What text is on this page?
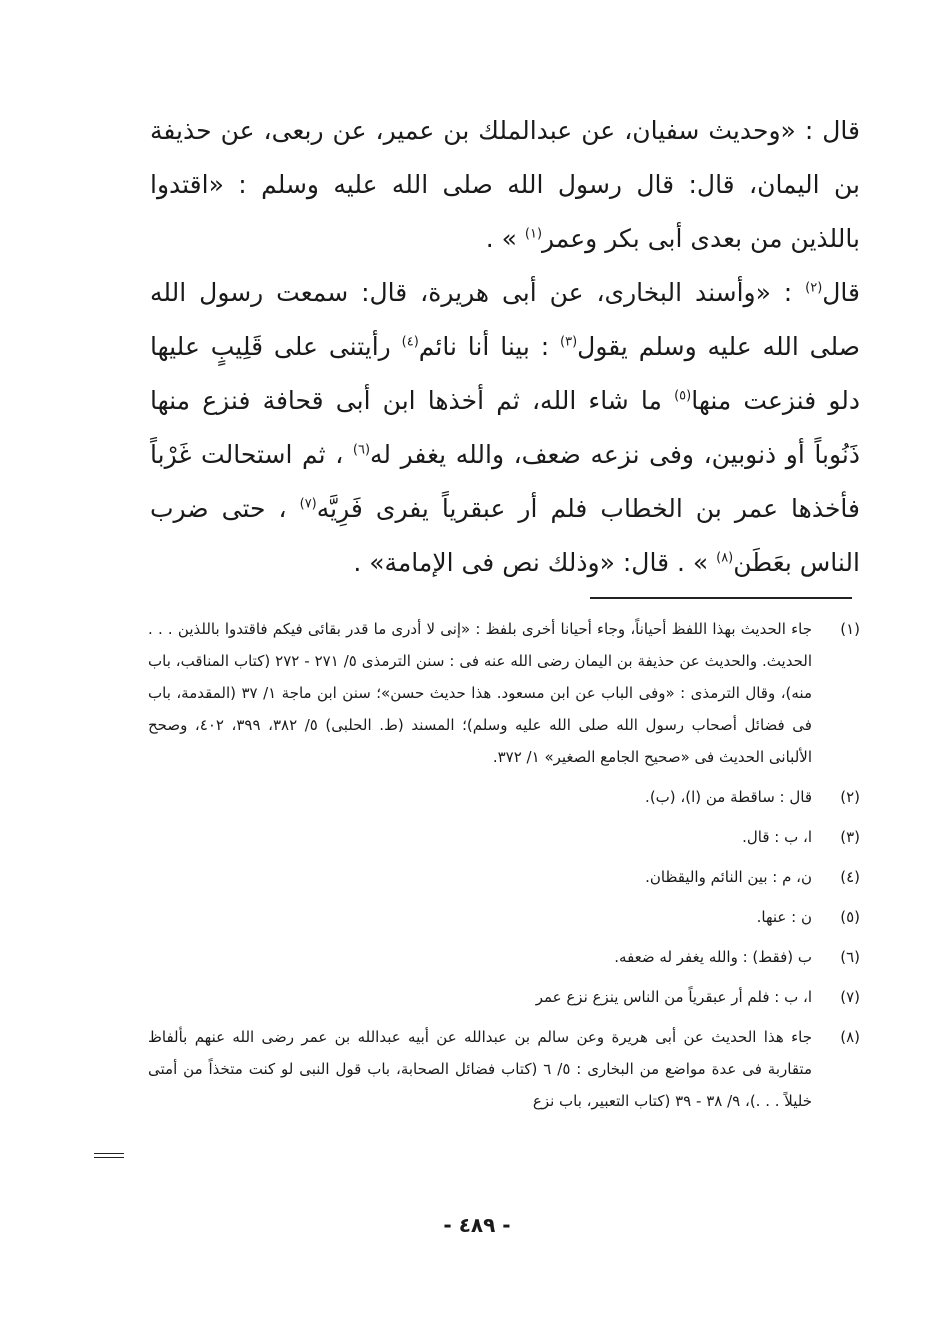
قال : «وحديث سفيان، عن عبدالملك بن عمير، عن ربعى، عن حذيفة بن اليمان، قال: قال رسول الله صلى الله عليه وسلم : «اقتدوا باللذين من بعدى أبى بكر وعمر$^{(١)}$ » .

قال$^{(٢)}$ : «وأسند البخارى، عن أبى هريرة، قال: سمعت رسول الله صلى الله عليه وسلم يقول$^{(٣)}$ : بينا أنا نائم$^{(٤)}$ رأيتنى على قَلِيبٍ عليها دلو فنزعت منها$^{(٥)}$ ما شاء الله، ثم أخذها ابن أبى قحافة فنزع منها ذَنُوباً أو ذنوبين، وفى نزعه ضعف، والله يغفر له$^{(٦)}$ ، ثم استحالت غَرْباً فأخذها عمر بن الخطاب فلم أر عبقرياً يفرى فَرِيَّه$^{(٧)}$ ، حتى ضرب الناس بعَطَن$^{(٨)}$ » . قال: «وذلك نص فى الإمامة» .

(١)
جاء الحديث بهذا اللفظ أحياناً، وجاء أحيانا أخرى بلفظ : «إنى لا أدرى ما قدر بقائى فيكم فاقتدوا باللذين . . . الحديث. والحديث عن حذيفة بن اليمان رضى الله عنه فى : سنن الترمذى ٥/ ٢٧١ - ٢٧٢ (كتاب المناقب، باب منه)، وقال الترمذى : «وفى الباب عن ابن مسعود. هذا حديث حسن»؛ سنن ابن ماجة ١/ ٣٧ (المقدمة، باب فى فضائل أصحاب رسول الله صلى الله عليه وسلم)؛ المسند (ط. الحلبى) ٥/ ٣٨٢، ٣٩٩، ٤٠٢، وصحح الألبانى الحديث فى «صحيح الجامع الصغير» ١/ ٣٧٢.
(٢)
قال : ساقطة من (ا)، (ب).
(٣)
ا، ب : قال.
(٤)
ن، م : بين النائم واليقظان.
(٥)
ن : عنها.
(٦)
ب (فقط) : والله يغفر له ضعفه.
(٧)
ا، ب : فلم أر عبقرياً من الناس ينزع نزع عمر
(٨)
جاء هذا الحديث عن أبى هريرة وعن سالم بن عبدالله عن أبيه عبدالله بن عمر رضى الله عنهم بألفاظ متقاربة فى عدة مواضع من البخارى : ٥/ ٦ (كتاب فضائل الصحابة، باب قول النبى لو كنت متخذاً من أمتى خليلاً . . .)، ٩/ ٣٨ - ٣٩ (كتاب التعبير، باب نزع
- ٤٨٩ -
